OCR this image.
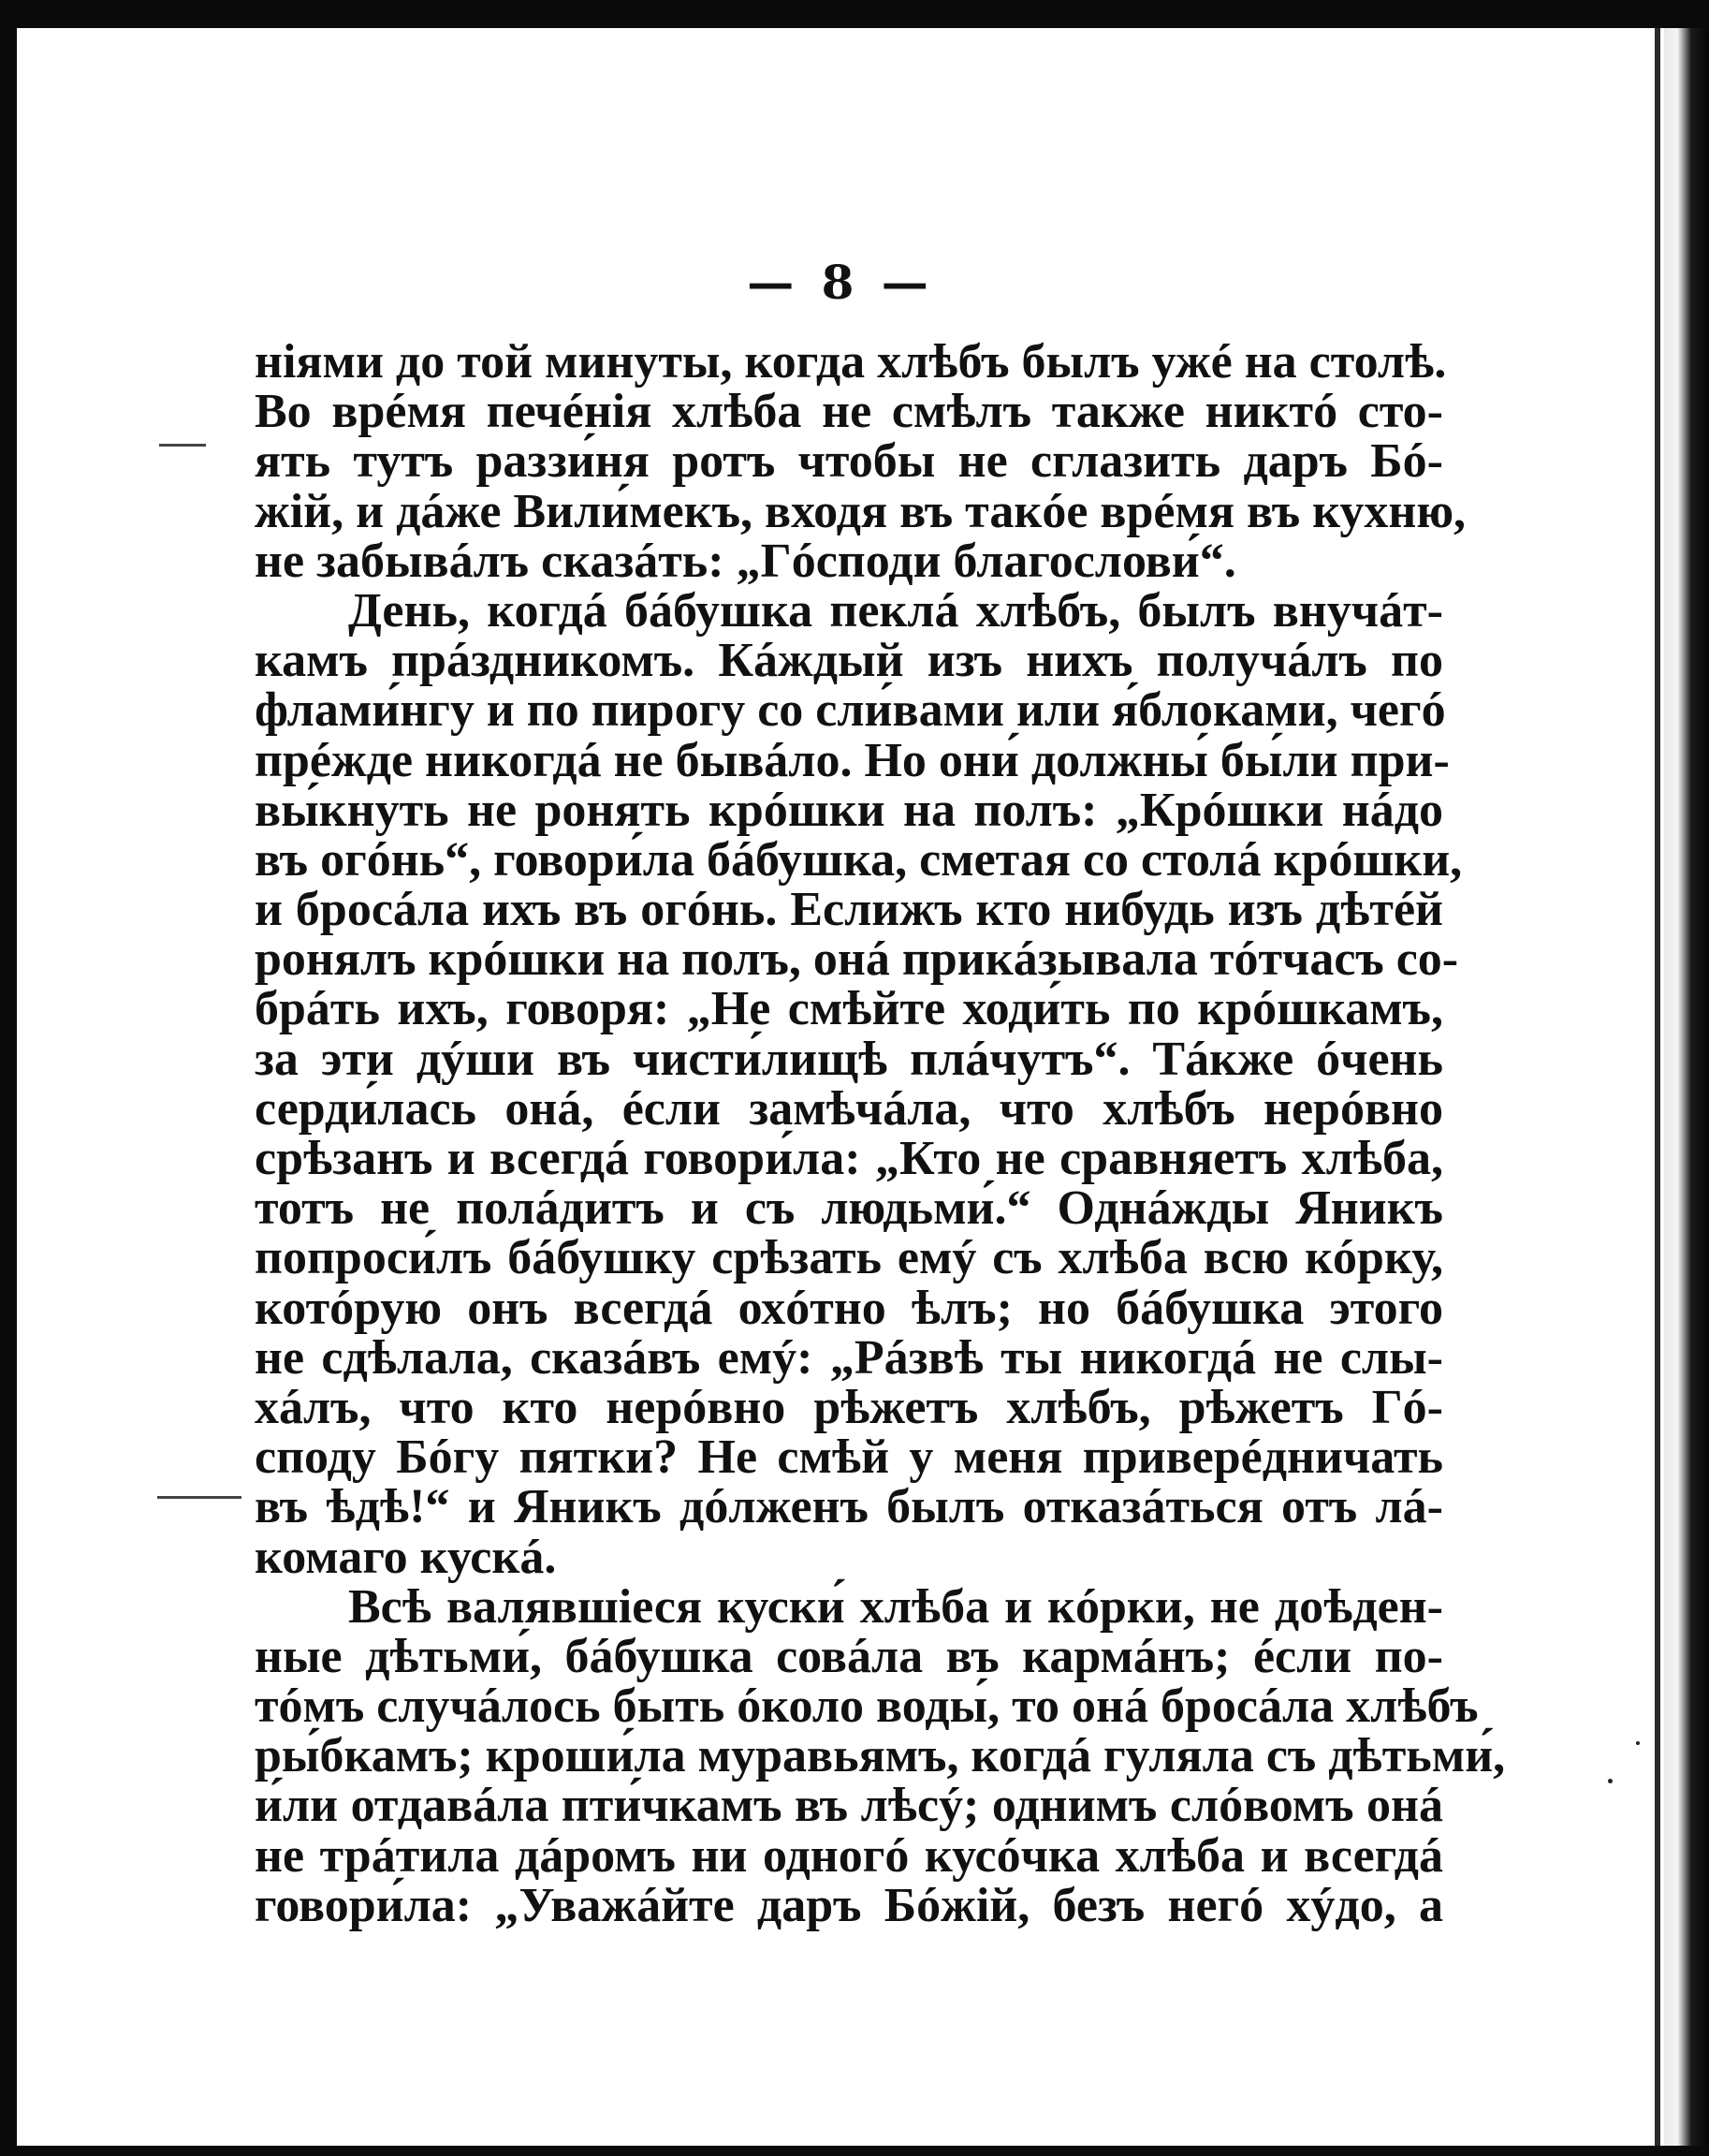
— 8 —
ніями до той минуты, когда хлѣбъ былъ ужé на столѣ.
Во врéмя печéнія хлѣба не смѣлъ также никтó сто-
ять тутъ раззи́ня ротъ чтобы не сглазить даръ Бó-
жій, и дáже Вили́мекъ, входя въ такóе врéмя въ кухню,
не забывáлъ сказáть: „Гóсподи благослови́“.
День, когдá бáбушка пеклá хлѣбъ, былъ внучáт-
камъ прáздникомъ. Кáждый изъ нихъ получáлъ по
флами́нгу и по пирогу со сли́вами или я́блоками, чегó
прéжде никогдá не бывáло. Но они́ должны́ бы́ли при-
вы́кнуть не ронять крóшки на полъ: „Крóшки нáдо
въ огóнь“, говори́ла бáбушка, сметая со столá крóшки,
и бросáла ихъ въ огóнь. Еслижъ кто нибудь изъ дѣтéй
ронялъ крóшки на полъ, онá прикáзывала тóтчасъ со-
брáть ихъ, говоря: „Не смѣйте ходи́ть по крóшкамъ,
за эти дýши въ чисти́лищѣ плáчутъ“. Тáкже óчень
серди́лась онá, éсли замѣчáла, что хлѣбъ нерóвно
срѣзанъ и всегдá говори́ла: „Кто не сравняетъ хлѣба,
тотъ не полáдитъ и съ людьми́.“ Однáжды Яникъ
попроси́лъ бáбушку срѣзать емý съ хлѣба всю кóрку,
котóрую онъ всегдá охóтно ѣлъ; но бáбушка этого
не сдѣлала, сказáвъ емý: „Рáзвѣ ты никогдá не слы-
хáлъ, что кто нерóвно рѣжетъ хлѣбъ, рѣжетъ Гó-
споду Бóгу пятки? Не смѣй у меня приверéдничать
въ ѣдѣ!“ и Яникъ дóлженъ былъ отказáться отъ лá-
комаго кускá.
Всѣ валявшіеся куски́ хлѣба и кóрки, не доѣден-
ные дѣтьми́, бáбушка совáла въ кармáнъ; éсли по-
тóмъ случáлось быть óколо воды́, то онá бросáла хлѣбъ
ры́бкамъ; кроши́ла муравьямъ, когдá гуляла съ дѣтьми́,
и́ли отдавáла пти́чкамъ въ лѣсý; однимъ слóвомъ онá
не трáтила дáромъ ни одногó кусóчка хлѣба и всегдá
говори́ла: „Уважáйте даръ Бóжій, безъ негó хýдо, а
